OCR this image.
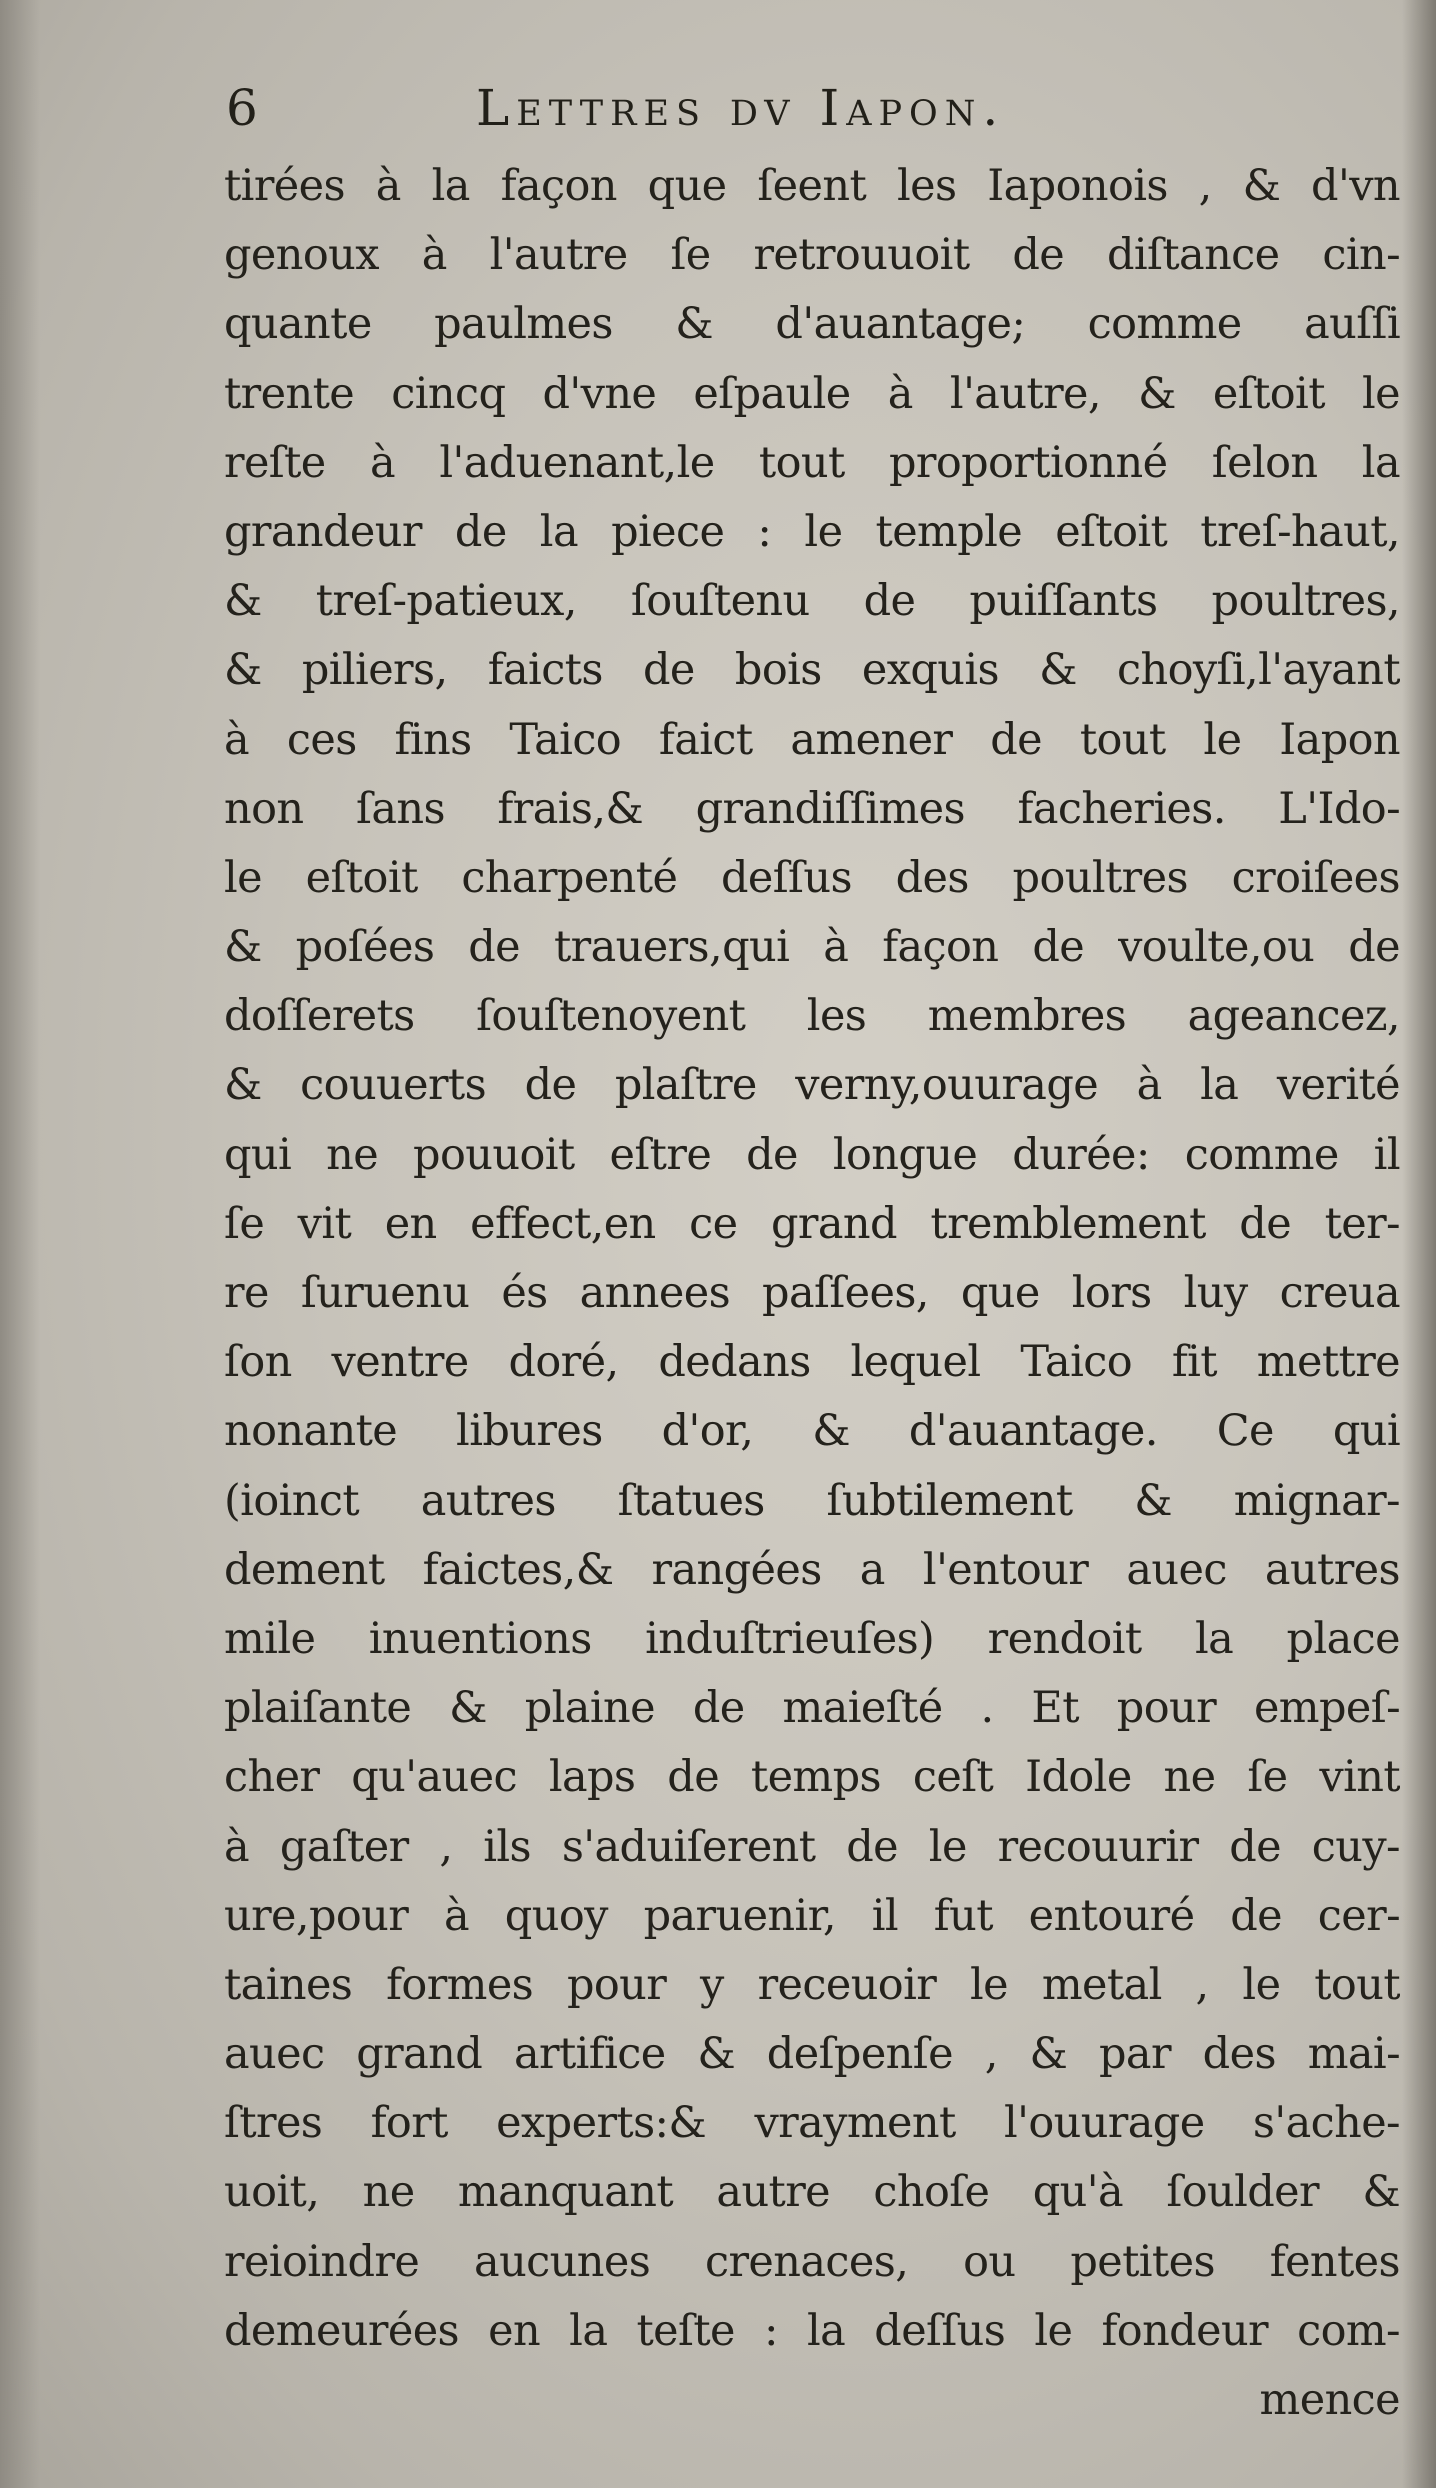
6	Lettres dv Iapon.
tirées à la façon que ſeent les Iaponois , & d'vn
genoux à l'autre ſe retrouuoit de diſtance cin-
quante paulmes & d'auantage; comme auſſi
trente cincq d'vne eſpaule à l'autre, & eſtoit le
reſte à l'aduenant,le tout proportionné ſelon la
grandeur de la piece : le temple eſtoit treſ-haut,
& treſ-patieux, ſouſtenu de puiſſants poultres,
& piliers, faicts de bois exquis & choyſi,l'ayant
à ces fins Taico faict amener de tout le Iapon
non ſans frais,& grandiſſimes facheries. L'Ido-
le eſtoit charpenté deſſus des poultres croiſees
& poſées de trauers,qui à façon de voulte,ou de
doſſerets ſouſtenoyent les membres ageancez,
& couuerts de plaſtre verny,ouurage à la verité
qui ne pouuoit eſtre de longue durée: comme il
ſe vit en effect,en ce grand tremblement de ter-
re ſuruenu és annees paſſees, que lors luy creua
ſon ventre doré, dedans lequel Taico fit mettre
nonante libures d'or, & d'auantage. Ce qui
(ioinct autres ſtatues ſubtilement & mignar-
dement faictes,& rangées a l'entour auec autres
mile inuentions induſtrieuſes) rendoit la place
plaiſante & plaine de maieſté . Et pour empeſ-
cher qu'auec laps de temps ceſt Idole ne ſe vint
à gaſter , ils s'aduiſerent de le recouurir de cuy-
ure,pour à quoy paruenir, il fut entouré de cer-
taines formes pour y receuoir le metal , le tout
auec grand artifice & deſpenſe , & par des mai-
ſtres fort experts:& vrayment l'ouurage s'ache-
uoit, ne manquant autre choſe qu'à ſoulder &
reioindre aucunes crenaces, ou petites fentes
demeurées en la teſte : la deſſus le fondeur com-
mence
